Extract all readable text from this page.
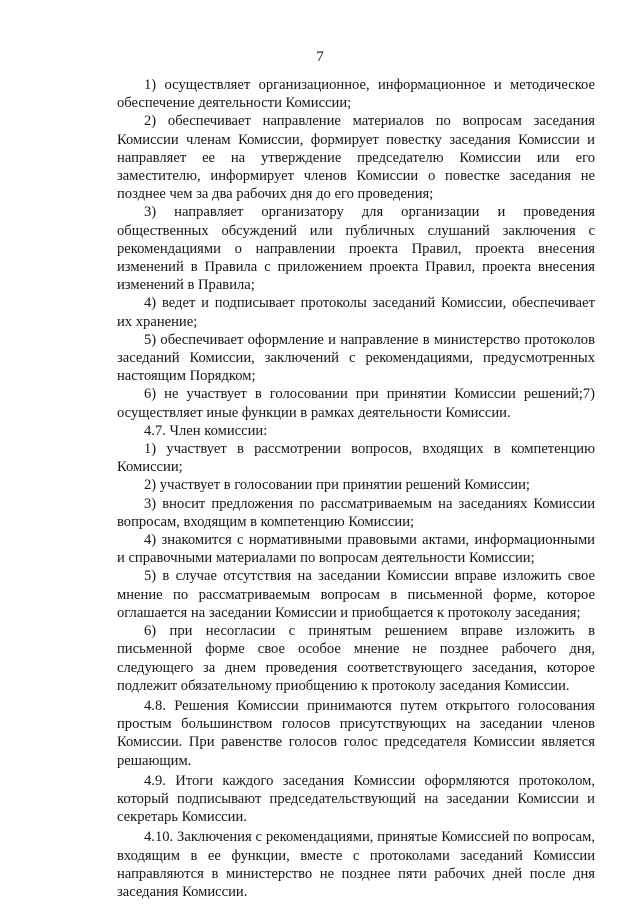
7

1) осуществляет организационное, информационное и методическое обеспечение деятельности Комиссии;

2) обеспечивает направление материалов по вопросам заседания Комиссии членам Комиссии, формирует повестку заседания Комиссии и направляет ее на утверждение председателю Комиссии или его заместителю, информирует членов Комиссии о повестке заседания не позднее чем за два рабочих дня до его проведения;

3) направляет организатору для организации и проведения общественных обсуждений или публичных слушаний заключения с рекомендациями о направлении проекта Правил, проекта внесения изменений в Правила с приложением проекта Правил, проекта внесения изменений в Правила;

4) ведет и подписывает протоколы заседаний Комиссии, обеспечивает их хранение;

5) обеспечивает оформление и направление в министерство протоколов заседаний Комиссии, заключений с рекомендациями, предусмотренных настоящим Порядком;

6) не участвует в голосовании при принятии Комиссии решений;7) осуществляет иные функции в рамках деятельности Комиссии.

4.7. Член комиссии:

1) участвует в рассмотрении вопросов, входящих в компетенцию Комиссии;

2) участвует в голосовании при принятии решений Комиссии;

3) вносит предложения по рассматриваемым на заседаниях Комиссии вопросам, входящим в компетенцию Комиссии;

4) знакомится с нормативными правовыми актами, информационными и справочными материалами по вопросам деятельности Комиссии;

5) в случае отсутствия на заседании Комиссии вправе изложить свое мнение по рассматриваемым вопросам в письменной форме, которое оглашается на заседании Комиссии и приобщается к протоколу заседания;

6) при несогласии с принятым решением вправе изложить в письменной форме свое особое мнение не позднее рабочего дня, следующего за днем проведения соответствующего заседания, которое подлежит обязательному приобщению к протоколу заседания Комиссии.

4.8. Решения Комиссии принимаются путем открытого голосования простым большинством голосов присутствующих на заседании членов Комиссии. При равенстве голосов голос председателя Комиссии является решающим.

4.9. Итоги каждого заседания Комиссии оформляются протоколом, который подписывают председательствующий на заседании Комиссии и секретарь Комиссии.

4.10. Заключения с рекомендациями, принятые Комиссией по вопросам, входящим в ее функции, вместе с протоколами заседаний Комиссии направляются в министерство не позднее пяти рабочих дней после дня заседания Комиссии.
